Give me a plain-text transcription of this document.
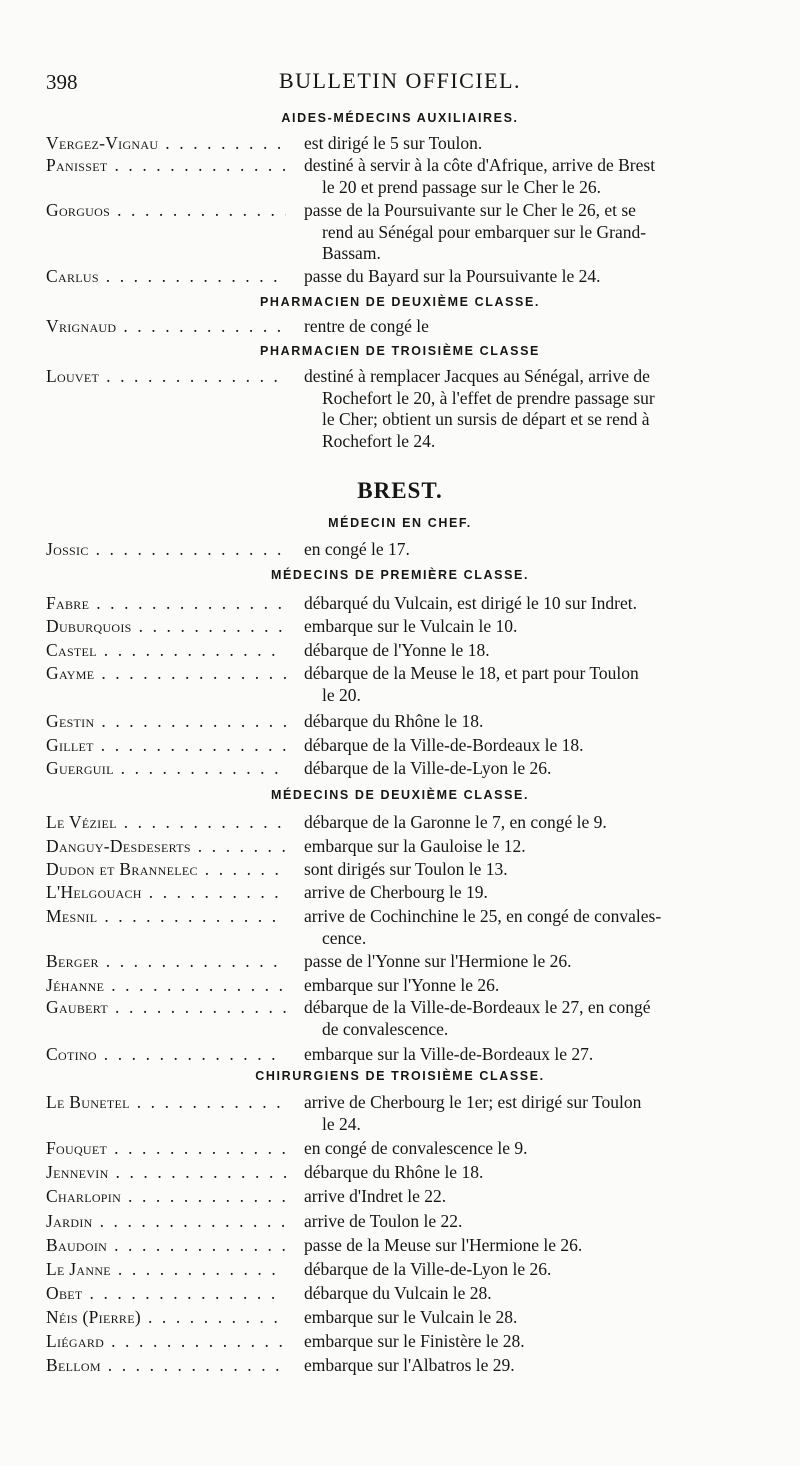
398	BULLETIN OFFICIEL.
AIDES-MÉDECINS AUXILIAIRES.
Vergez-Vignau . . .	est dirigé le 5 sur Toulon.
Panisset . . .	destiné à servir à la côte d'Afrique, arrive de Brest
le 20 et prend passage sur le Cher le 26.
Gorguos . . .	passe de la Poursuivante sur le Cher le 26, et se
rend au Sénégal pour embarquer sur le Grand-
Bassam.
Carlus . . .	passe du Bayard sur la Poursuivante le 24.
PHARMACIEN DE DEUXIÈME CLASSE.
Vrignaud . . .	rentre de congé le
PHARMACIEN DE TROISIÈME CLASSE
Louvet . . .	destiné à remplacer Jacques au Sénégal, arrive de
Rochefort le 20, à l'effet de prendre passage sur
le Cher; obtient un sursis de départ et se rend à
Rochefort le 24.
BREST.
MÉDECIN EN CHEF.
Jossic . . .	en congé le 17.
MÉDECINS DE PREMIÈRE CLASSE.
Fabre . . .	débarqué du Vulcain, est dirigé le 10 sur Indret.
Duburquois . . .	embarque sur le Vulcain le 10.
Castel . . .	débarque de l'Yonne le 18.
Gayme . . .	débarque de la Meuse le 18, et part pour Toulon
le 20.
Gestin . . .	débarque du Rhône le 18.
Gillet . . .	débarque de la Ville-de-Bordeaux le 18.
Guerguil . . .	débarque de la Ville-de-Lyon le 26.
MÉDECINS DE DEUXIÈME CLASSE.
Le Véziel . . .	débarque de la Garonne le 7, en congé le 9.
Danguy-Desdeserts . . .	embarque sur la Gauloise le 12.
Dudon et Brannelec . . .	sont dirigés sur Toulon le 13.
L'Helgouach . . .	arrive de Cherbourg le 19.
Mesnil . . .	arrive de Cochinchine le 25, en congé de convales-
cence.
Berger . . .	passe de l'Yonne sur l'Hermione le 26.
Jéhanne . . .	embarque sur l'Yonne le 26.
Gaubert . . .	débarque de la Ville-de-Bordeaux le 27, en congé
de convalescence.
Cotino . . .	embarque sur la Ville-de-Bordeaux le 27.
CHIRURGIENS DE TROISIÈME CLASSE.
Le Bunetel . . .	arrive de Cherbourg le 1er; est dirigé sur Toulon
le 24.
Fouquet . . .	en congé de convalescence le 9.
Jennevin . . .	débarque du Rhône le 18.
Charlopin . . .	arrive d'Indret le 22.
Jardin . . .	arrive de Toulon le 22.
Baudoin . . .	passe de la Meuse sur l'Hermione le 26.
Le Janne . . .	débarque de la Ville-de-Lyon le 26.
Obet . . .	débarque du Vulcain le 28.
Néis (Pierre) . . .	embarque sur le Vulcain le 28.
Liégard . . .	embarque sur le Finistère le 28.
Bellom . . .	embarque sur l'Albatros le 29.
